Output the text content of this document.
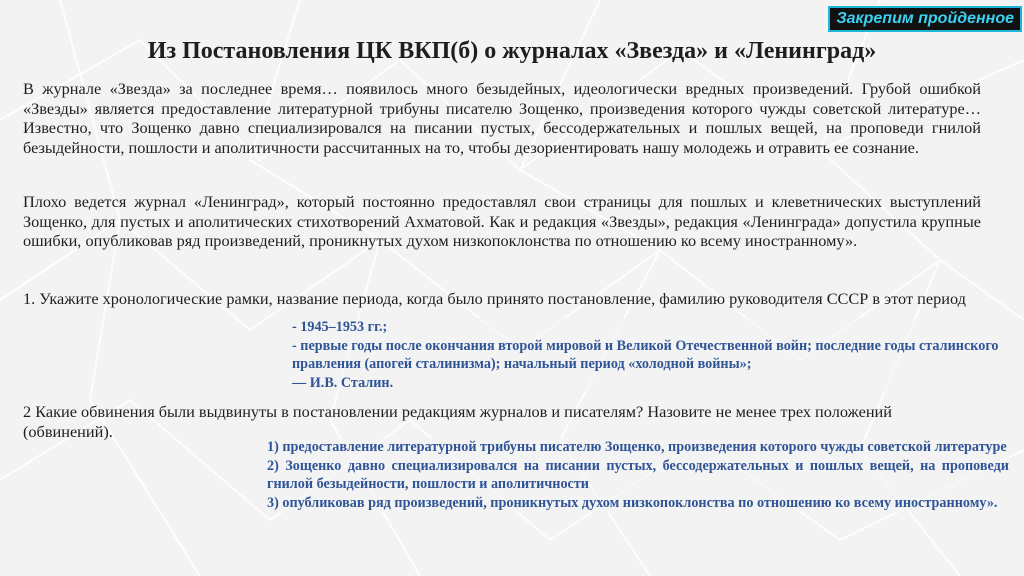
Закрепим пройденное
Из Постановления ЦК ВКП(б) о журналах «Звезда» и «Ленинград»

В журнале «Звезда» за последнее время… появилось много безыдейных, идеологически вредных произведений. Грубой ошибкой «Звезды» является предоставление литературной трибуны писателю Зощенко, произведения которого чужды советской литературе… Известно, что Зощенко давно специализировался на писании пустых, бессодержательных и пошлых вещей, на проповеди гнилой безыдейности, пошлости и аполитичности рассчитанных на то, чтобы дезориентировать нашу молодежь и отравить ее сознание.

Плохо ведется журнал «Ленинград», который постоянно предоставлял свои страницы для пошлых и клеветнических выступлений Зощенко, для пустых и аполитических стихотворений Ахматовой. Как и редакция «Звезды», редакция «Ленинграда» допустила крупные ошибки, опубликовав ряд произведений, проникнутых духом низкопоклонства по отношению ко всему иностранному».

1. Укажите хронологические рамки, название периода, когда было принято постановление, фамилию руководителя СССР в этот период

- 1945–1953 гг.;
- первые годы после окончания второй мировой и Великой Отечественной войн; последние годы сталинского правления (апогей сталинизма); начальный период «холодной войны»;
— И.В. Сталин.

2 Какие обвинения были выдвинуты в постановлении редакциям журналов и писателям? Назовите не менее трех положений (обвинений).

1) предоставление литературной трибуны писателю Зощенко, произведения которого чужды советской литературе
2) Зощенко давно специализировался на писании пустых, бессодержательных и пошлых вещей, на проповеди гнилой безыдейности, пошлости и аполитичности
3) опубликовав ряд произведений, проникнутых духом низкопоклонства по отношению ко всему иностранному».
